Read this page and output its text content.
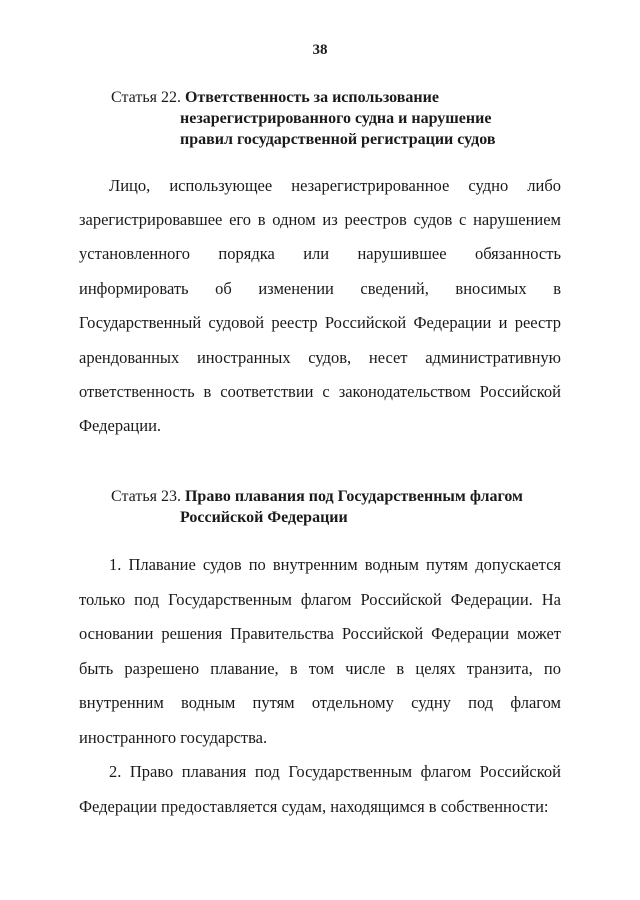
38
Статья 22. Ответственность за использование
незарегистрированного судна и нарушение
правил государственной регистрации судов
Лицо, использующее незарегистрированное судно либо
зарегистрировавшее его в одном из реестров судов с нарушением
установленного порядка или нарушившее обязанность
информировать об изменении сведений, вносимых в
Государственный судовой реестр Российской Федерации и реестр
арендованных иностранных судов, несет административную
ответственность в соответствии с законодательством Российской
Федерации.
Статья 23. Право плавания под Государственным флагом
Российской Федерации
1. Плавание судов по внутренним водным путям допускается
только под Государственным флагом Российской Федерации. На
основании решения Правительства Российской Федерации может
быть разрешено плавание, в том числе в целях транзита, по
внутренним водным путям отдельному судну под флагом
иностранного государства.
2. Право плавания под Государственным флагом Российской
Федерации предоставляется судам, находящимся в собственности:
